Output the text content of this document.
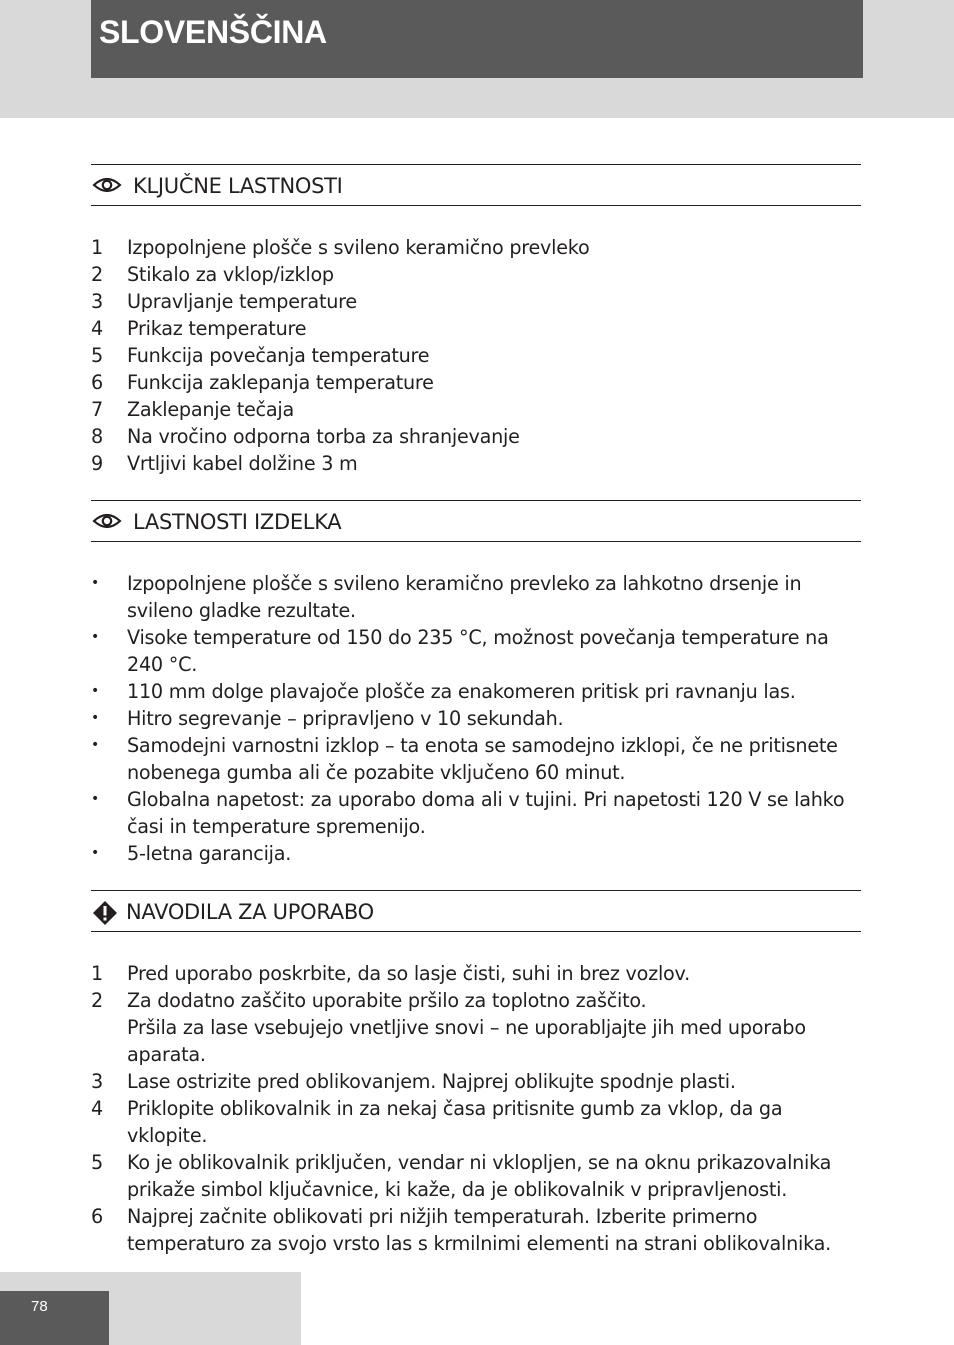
SLOVENŠČINA
KLJUČNE LASTNOSTI
1 Izpopolnjene plošče s svileno keramično prevleko
2 Stikalo za vklop/izklop
3 Upravljanje temperature
4 Prikaz temperature
5 Funkcija povečanja temperature
6 Funkcija zaklepanja temperature
7 Zaklepanje tečaja
8 Na vročino odporna torba za shranjevanje
9 Vrtljivi kabel dolžine 3 m
LASTNOSTI IZDELKA
• Izpopolnjene plošče s svileno keramično prevleko za lahkotno drsenje in svileno gladke rezultate.
• Visoke temperature od 150 do 235 °C, možnost povečanja temperature na 240 °C.
• 110 mm dolge plavajoče plošče za enakomeren pritisk pri ravnanju las.
• Hitro segrevanje – pripravljeno v 10 sekundah.
• Samodejni varnostni izklop – ta enota se samodejno izklopi, če ne pritisnete nobenega gumba ali če pozabite vključeno 60 minut.
• Globalna napetost: za uporabo doma ali v tujini. Pri napetosti 120 V se lahko časi in temperature spremenijo.
• 5-letna garancija.
NAVODILA ZA UPORABO
1 Pred uporabo poskrbite, da so lasje čisti, suhi in brez vozlov.
2 Za dodatno zaščito uporabite pršilo za toplotno zaščito.
Pršila za lase vsebujejo vnetljive snovi – ne uporabljajte jih med uporabo aparata.
3 Lase ostrizite pred oblikovanjem. Najprej oblikujte spodnje plasti.
4 Priklopite oblikovalnik in za nekaj časa pritisnite gumb za vklop, da ga vklopite.
5 Ko je oblikovalnik priključen, vendar ni vklopljen, se na oknu prikazovalnika prikaže simbol ključavnice, ki kaže, da je oblikovalnik v pripravljenosti.
6 Najprej začnite oblikovati pri nižjih temperaturah. Izberite primerno temperaturo za svojo vrsto las s krmilnimi elementi na strani oblikovalnika.
78
